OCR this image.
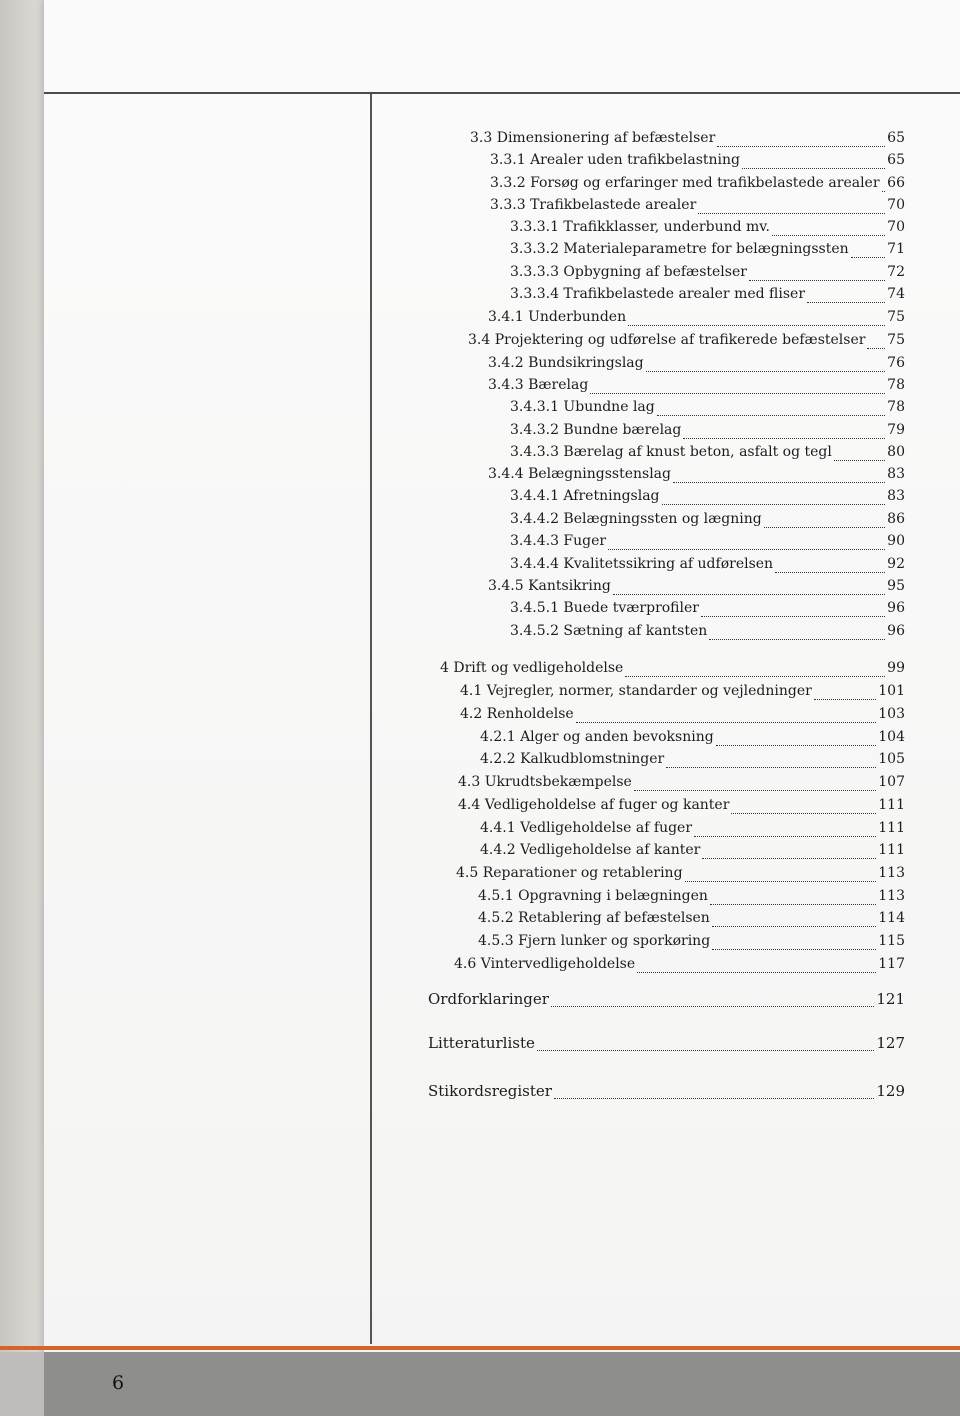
6
3.3 Dimensionering af befæstelser	65
3.3.1 Arealer uden trafikbelastning	65
3.3.2 Forsøg og erfaringer med trafikbelastede arealer 66
3.3.3 Trafikbelastede arealer	70
3.3.3.1 Trafikklasser, underbund mv.	70
3.3.3.2 Materialeparametre for belægningssten	71
3.3.3.3 Opbygning af befæstelser	72
3.3.3.4 Trafikbelastede arealer med fliser	74
3.4.1 Underbunden	75
3.4 Projektering og udførelse af trafikerede befæstelser 75
3.4.2 Bundsikringslag	76
3.4.3 Bærelag	78
3.4.3.1 Ubundne lag	78
3.4.3.2 Bundne bærelag	79
3.4.3.3 Bærelag af knust beton, asfalt og tegl	80
3.4.4 Belægningsstenslag	83
3.4.4.1 Afretningslag	83
3.4.4.2 Belægningssten og lægning	86
3.4.4.3 Fuger	90
3.4.4.4 Kvalitetssikring af udførelsen	92
3.4.5 Kantsikring	95
3.4.5.1 Buede tværprofiler	96
3.4.5.2 Sætning af kantsten	96
4 Drift og vedligeholdelse	99
4.1 Vejregler, normer, standarder og vejledninger	101
4.2 Renholdelse	103
4.2.1 Alger og anden bevoksning	104
4.2.2 Kalkudblomstninger	105
4.3 Ukrudtsbekæmpelse	107
4.4 Vedligeholdelse af fuger og kanter	111
4.4.1 Vedligeholdelse af fuger	111
4.4.2 Vedligeholdelse af kanter	111
4.5 Reparationer og retablering	113
4.5.1 Opgravning i belægningen	113
4.5.2 Retablering af befæstelsen	114
4.5.3 Fjern lunker og sporkøring	115
4.6 Vintervedligeholdelse	117
Ordforklaringer	121
Litteraturliste	127
Stikordsregister	129
